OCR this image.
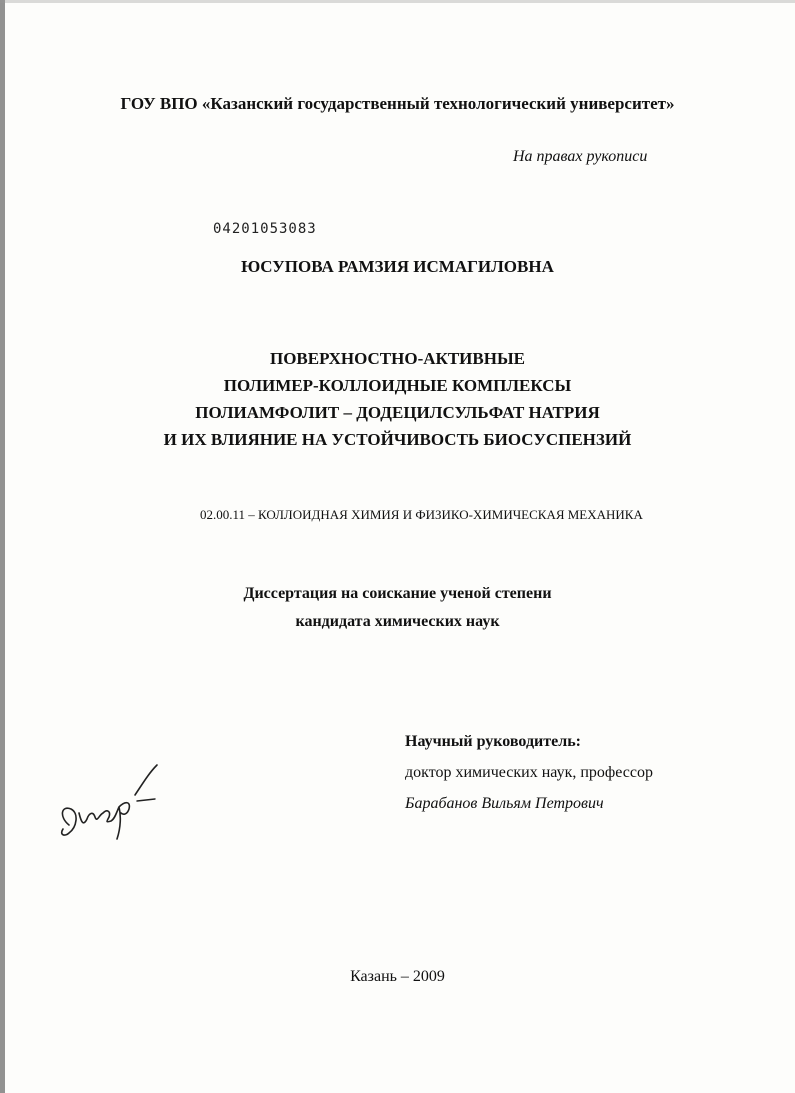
ГОУ ВПО «Казанский государственный технологический университет»
На правах рукописи
04201053083
ЮСУПОВА РАМЗИЯ ИСМАГИЛОВНА
ПОВЕРХНОСТНО-АКТИВНЫЕ
ПОЛИМЕР-КОЛЛОИДНЫЕ КОМПЛЕКСЫ
ПОЛИАМФОЛИТ – ДОДЕЦИЛСУЛЬФАТ НАТРИЯ
И ИХ ВЛИЯНИЕ НА УСТОЙЧИВОСТЬ БИОСУСПЕНЗИЙ
02.00.11 – КОЛЛОИДНАЯ ХИМИЯ И ФИЗИКО-ХИМИЧЕСКАЯ МЕХАНИКА
Диссертация на соискание ученой степени
кандидата химических наук
Научный руководитель:
доктор химических наук, профессор
Барабанов Вильям Петрович
Казань – 2009
